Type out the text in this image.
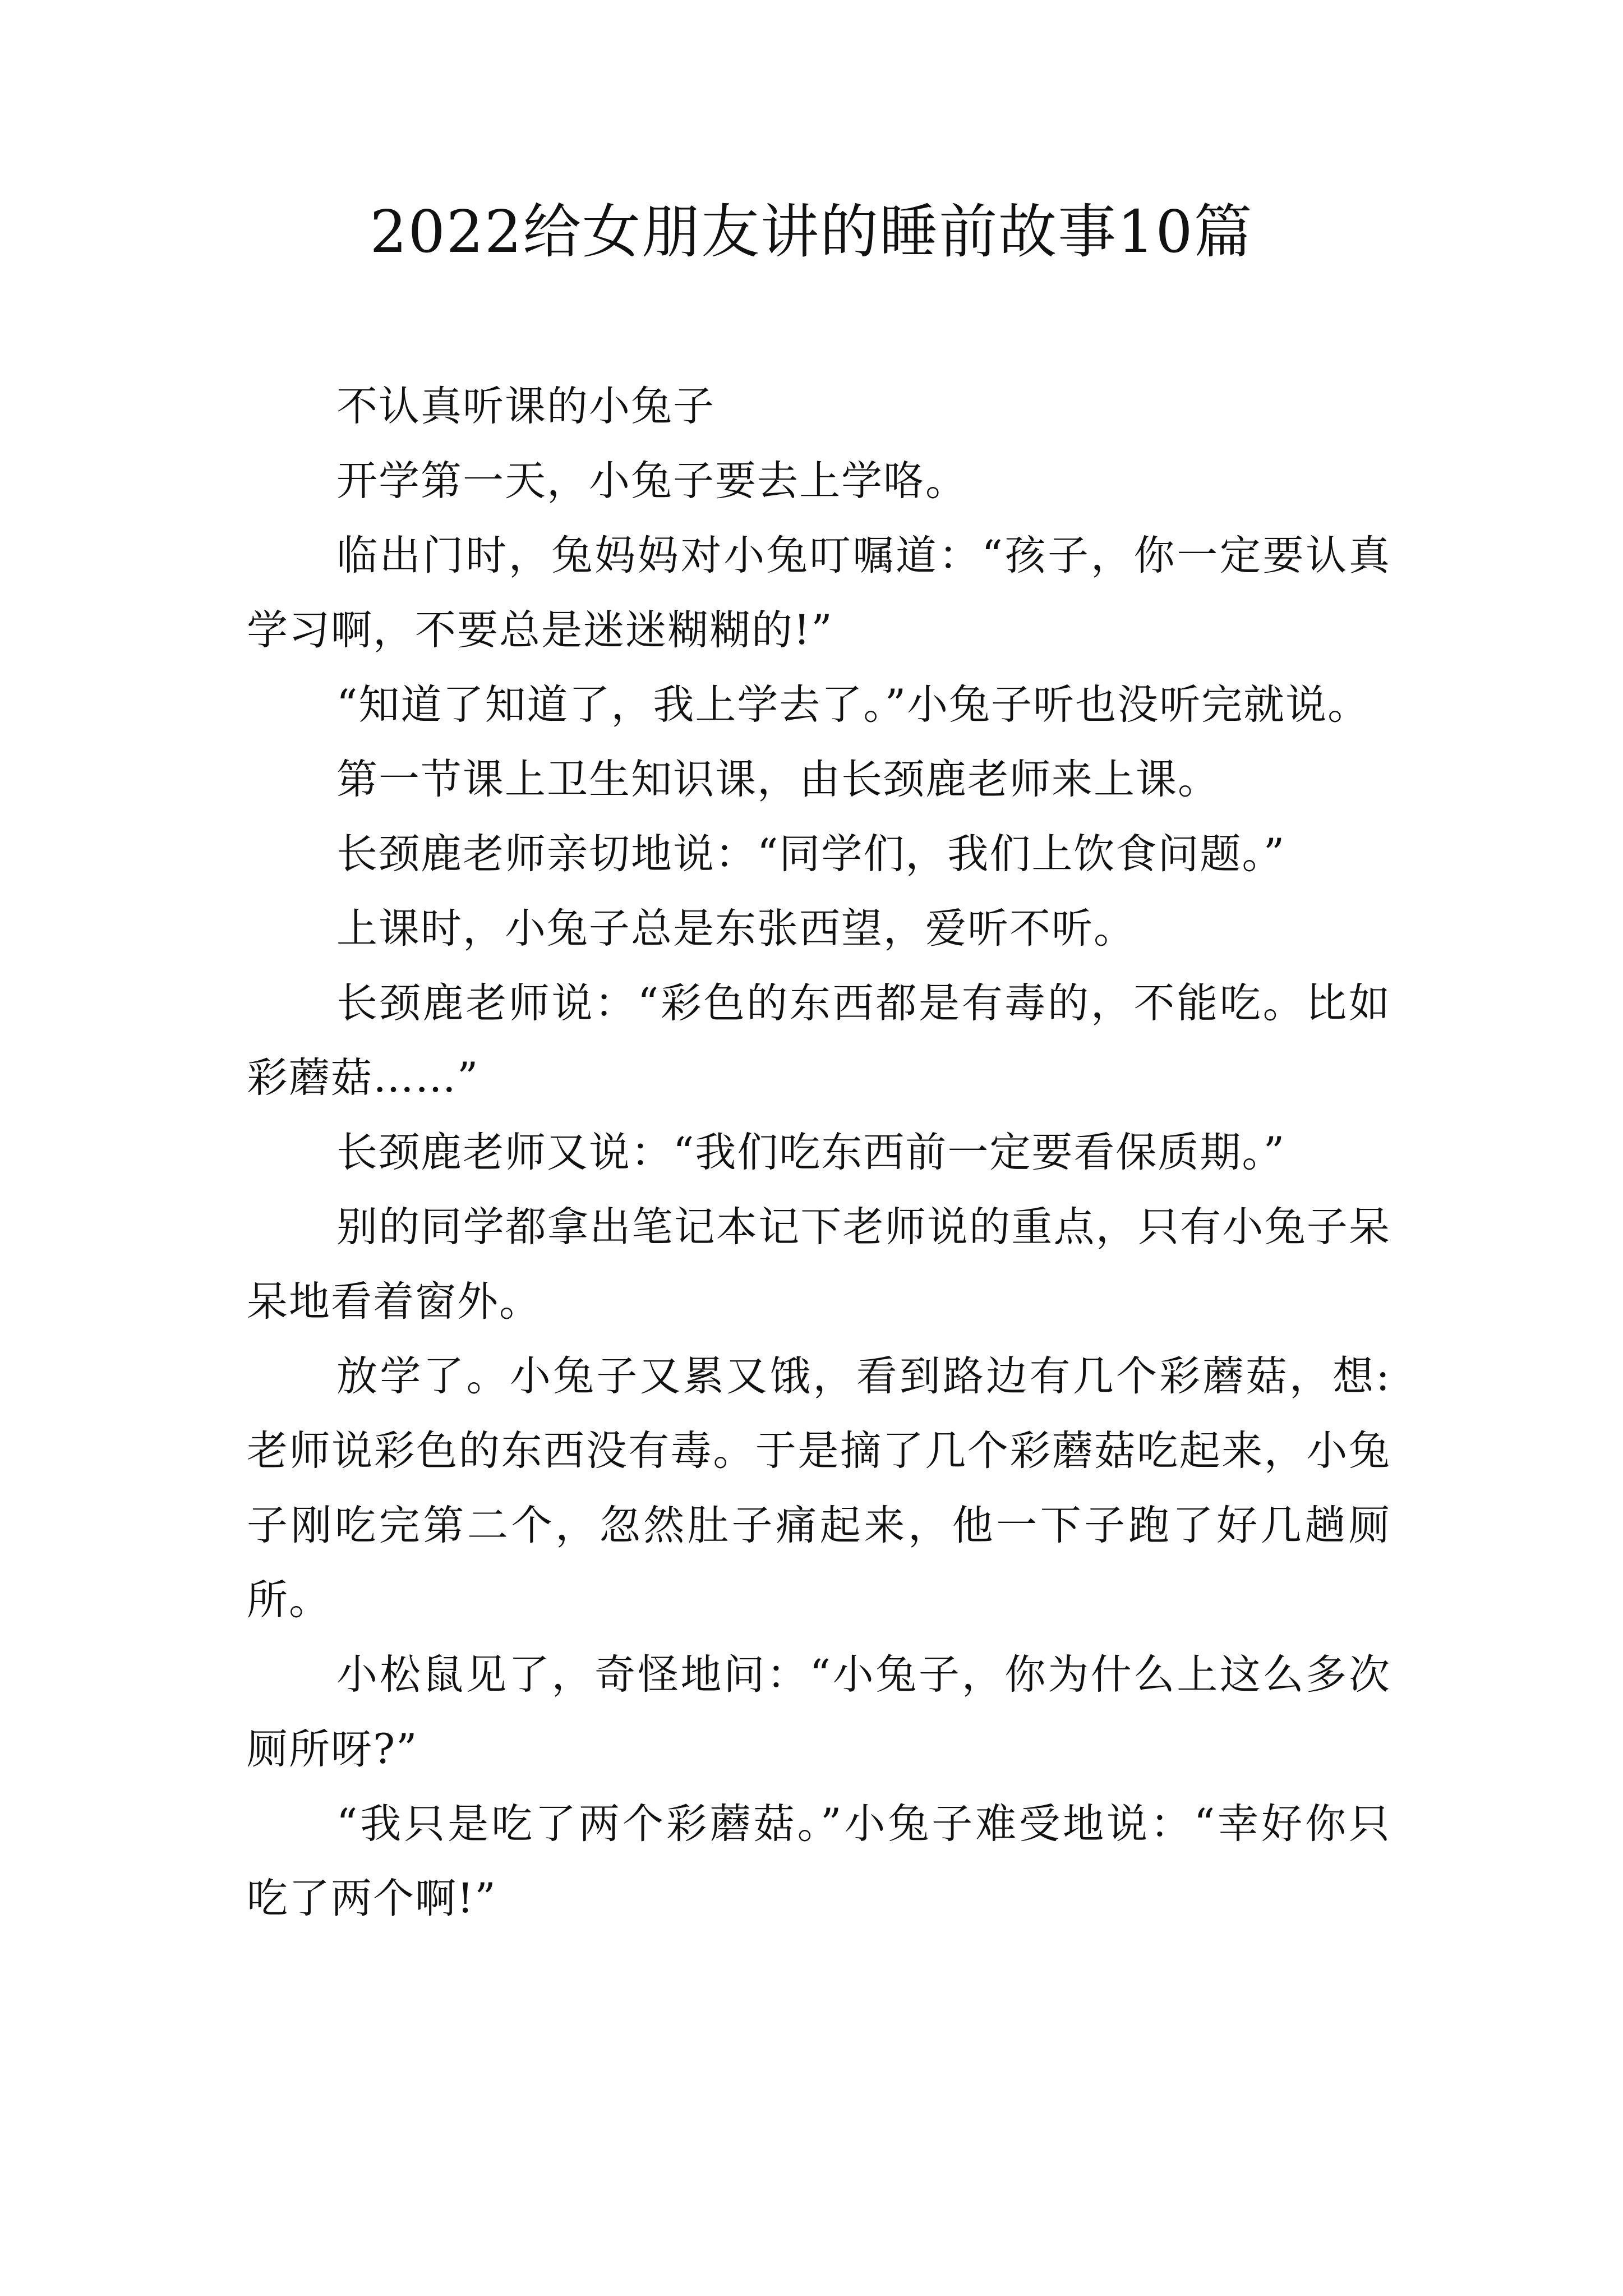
2022给女朋友讲的睡前故事10篇

不认真听课的小兔子

开学第一天，小兔子要去上学咯。

临出门时，兔妈妈对小兔叮嘱道：“孩子，你一定要认真学习啊，不要总是迷迷糊糊的!”

“知道了知道了，我上学去了。”小兔子听也没听完就说。

第一节课上卫生知识课，由长颈鹿老师来上课。

长颈鹿老师亲切地说：“同学们，我们上饮食问题。”

上课时，小兔子总是东张西望，爱听不听。

长颈鹿老师说：“彩色的东西都是有毒的，不能吃。比如彩蘑菇……”

长颈鹿老师又说：“我们吃东西前一定要看保质期。”

别的同学都拿出笔记本记下老师说的重点，只有小兔子呆呆地看着窗外。

放学了。小兔子又累又饿，看到路边有几个彩蘑菇，想:老师说彩色的东西没有毒。于是摘了几个彩蘑菇吃起来，小兔子刚吃完第二个，忽然肚子痛起来，他一下子跑了好几趟厕所。

小松鼠见了，奇怪地问：“小兔子，你为什么上这么多次厕所呀?”

“我只是吃了两个彩蘑菇。”小兔子难受地说：“幸好你只吃了两个啊!”
